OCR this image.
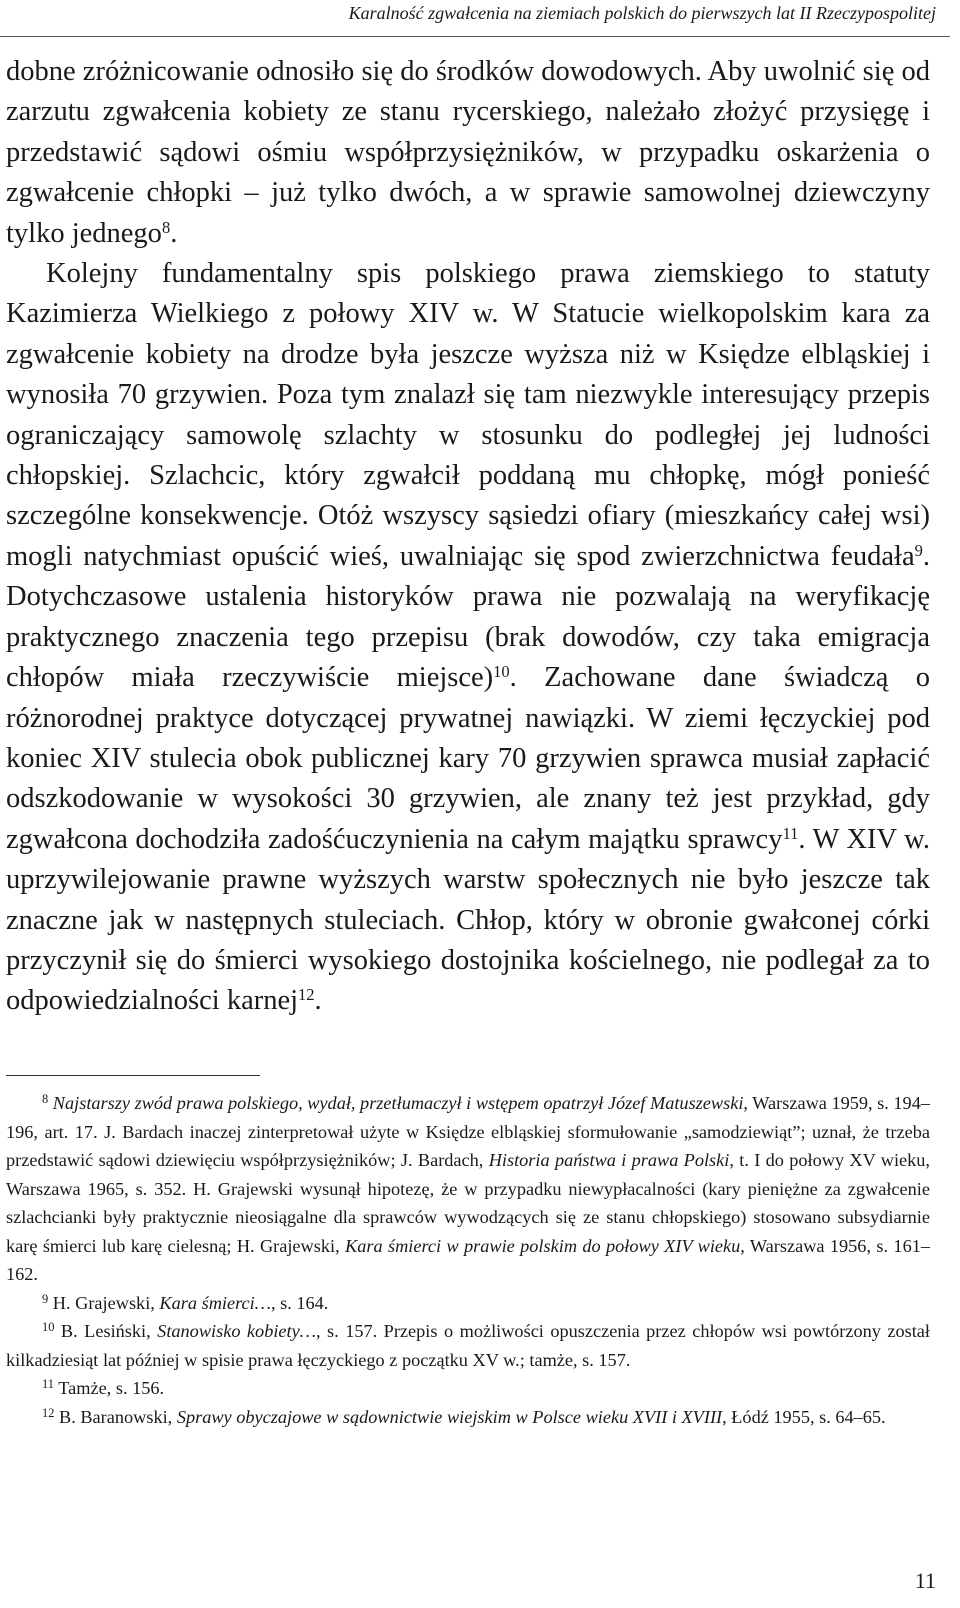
Karalność zgwałcenia na ziemiach polskich do pierwszych lat II Rzeczypospolitej

dobne zróżnicowanie odnosiło się do środków dowodowych. Aby uwolnić się od zarzutu zgwałcenia kobiety ze stanu rycerskiego, należało złożyć przysięgę i przedstawić sądowi ośmiu współprzysiężników, w przypadku oskarżenia o zgwałcenie chłopki – już tylko dwóch, a w sprawie samowolnej dziewczyny tylko jednego$^8$.

Kolejny fundamentalny spis polskiego prawa ziemskiego to statuty Kazimierza Wielkiego z połowy XIV w. W Statucie wielkopolskim kara za zgwałcenie kobiety na drodze była jeszcze wyższa niż w Księdze elbląskiej i wynosiła 70 grzywien. Poza tym znalazł się tam niezwykle interesujący przepis ograniczający samowolę szlachty w stosunku do podległej jej ludności chłopskiej. Szlachcic, który zgwałcił poddaną mu chłopkę, mógł ponieść szczególne konsekwencje. Otóż wszyscy sąsiedzi ofiary (mieszkańcy całej wsi) mogli natychmiast opuścić wieś, uwalniając się spod zwierzchnictwa feudała$^9$. Dotychczasowe ustalenia historyków prawa nie pozwalają na weryfikację praktycznego znaczenia tego przepisu (brak dowodów, czy taka emigracja chłopów miała rzeczywiście miejsce)$^{10}$. Zachowane dane świadczą o różnorodnej praktyce dotyczącej prywatnej nawiązki. W ziemi łęczyckiej pod koniec XIV stulecia obok publicznej kary 70 grzywien sprawca musiał zapłacić odszkodowanie w wysokości 30 grzywien, ale znany też jest przykład, gdy zgwałcona dochodziła zadośćuczynienia na całym majątku sprawcy$^{11}$. W XIV w. uprzywilejowanie prawne wyższych warstw społecznych nie było jeszcze tak znaczne jak w następnych stuleciach. Chłop, który w obronie gwałconej córki przyczynił się do śmierci wysokiego dostojnika kościelnego, nie podlegał za to odpowiedzialności karnej$^{12}$.

$^8$ Najstarszy zwód prawa polskiego, wydał, przetłumaczył i wstępem opatrzył Józef Matuszewski, Warszawa 1959, s. 194–196, art. 17. J. Bardach inaczej zinterpretował użyte w Księdze elbląskiej sformułowanie „samodziewiąt”; uznał, że trzeba przedstawić sądowi dziewięciu współprzysiężników; J. Bardach, Historia państwa i prawa Polski, t. I do połowy XV wieku, Warszawa 1965, s. 352. H. Grajewski wysunął hipotezę, że w przypadku niewypłacalności (kary pieniężne za zgwałcenie szlachcianki były praktycznie nieosiągalne dla sprawców wywodzących się ze stanu chłopskiego) stosowano subsydiarnie karę śmierci lub karę cielesną; H. Grajewski, Kara śmierci w prawie polskim do połowy XIV wieku, Warszawa 1956, s. 161–162.

$^9$ H. Grajewski, Kara śmierci…, s. 164.

$^{10}$ B. Lesiński, Stanowisko kobiety…, s. 157. Przepis o możliwości opuszczenia przez chłopów wsi powtórzony został kilkadziesiąt lat później w spisie prawa łęczyckiego z początku XV w.; tamże, s. 157.

$^{11}$ Tamże, s. 156.

$^{12}$ B. Baranowski, Sprawy obyczajowe w sądownictwie wiejskim w Polsce wieku XVII i XVIII, Łódź 1955, s. 64–65.

11
